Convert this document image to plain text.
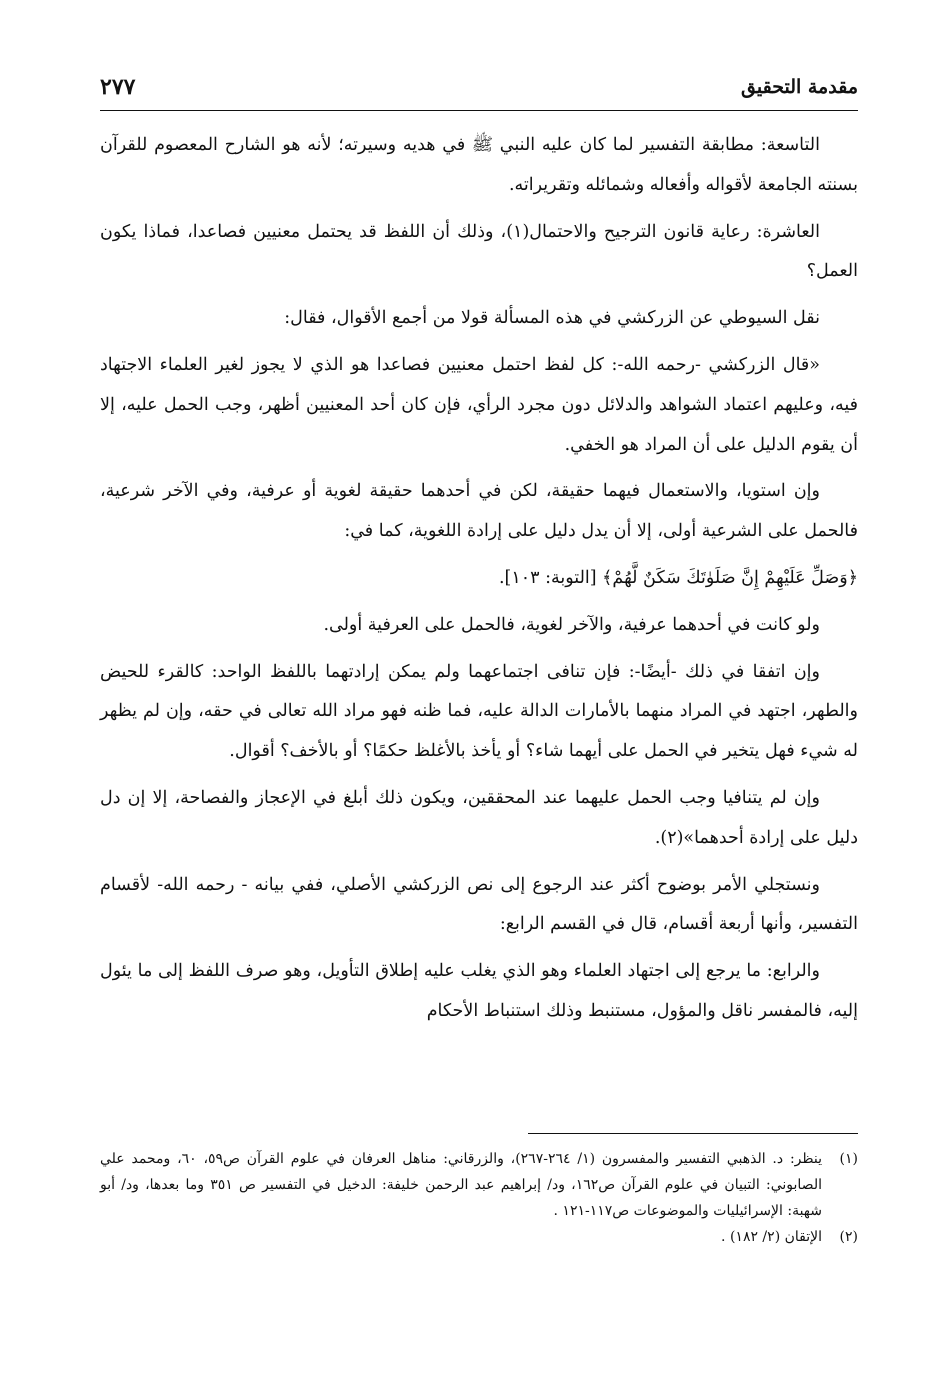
مقدمة التحقيق
٢٧٧

التاسعة: مطابقة التفسير لما كان عليه النبي ﷺ في هديه وسيرته؛ لأنه هو الشارح المعصوم للقرآن بسنته الجامعة لأقواله وأفعاله وشمائله وتقريراته.

العاشرة: رعاية قانون الترجيح والاحتمال(١)، وذلك أن اللفظ قد يحتمل معنيين فصاعدا، فماذا يكون العمل؟

نقل السيوطي عن الزركشي في هذه المسألة قولا من أجمع الأقوال، فقال:

«قال الزركشي -رحمه الله-: كل لفظ احتمل معنيين فصاعدا هو الذي لا يجوز لغير العلماء الاجتهاد فيه، وعليهم اعتماد الشواهد والدلائل دون مجرد الرأي، فإن كان أحد المعنيين أظهر، وجب الحمل عليه، إلا أن يقوم الدليل على أن المراد هو الخفي.

وإن استويا، والاستعمال فيهما حقيقة، لكن في أحدهما حقيقة لغوية أو عرفية، وفي الآخر شرعية، فالحمل على الشرعية أولى، إلا أن يدل دليل على إرادة اللغوية، كما في:

﴿وَصَلِّ عَلَيْهِمْ إِنَّ صَلَوٰتَكَ سَكَنٌ لَّهُمْ﴾ [التوبة: ١٠٣].

ولو كانت في أحدهما عرفية، والآخر لغوية، فالحمل على العرفية أولى.

وإن اتفقا في ذلك -أيضًا-: فإن تنافى اجتماعهما ولم يمكن إرادتهما باللفظ الواحد: كالقرء للحيض والطهر، اجتهد في المراد منهما بالأمارات الدالة عليه، فما ظنه فهو مراد الله تعالى في حقه، وإن لم يظهر له شيء فهل يتخير في الحمل على أيهما شاء؟ أو يأخذ بالأغلظ حكمًا؟ أو بالأخف؟ أقوال.

وإن لم يتنافيا وجب الحمل عليهما عند المحققين، ويكون ذلك أبلغ في الإعجاز والفصاحة، إلا إن دل دليل على إرادة أحدهما»(٢).

ونستجلي الأمر بوضوح أكثر عند الرجوع إلى نص الزركشي الأصلي، ففي بيانه - رحمه الله- لأقسام التفسير، وأنها أربعة أقسام، قال في القسم الرابع:

والرابع: ما يرجع إلى اجتهاد العلماء وهو الذي يغلب عليه إطلاق التأويل، وهو صرف اللفظ إلى ما يئول إليه، فالمفسر ناقل والمؤول، مستنبط وذلك استنباط الأحكام

(١)

ينظر: د. الذهبي التفسير والمفسرون (١/ ٢٦٤-٢٦٧)، والزرقاني: مناهل العرفان في علوم القرآن ص٥٩، ٦٠، ومحمد علي الصابوني: التبيان في علوم القرآن ص١٦٢، ود/ إبراهيم عبد الرحمن خليفة: الدخيل في التفسير ص ٣٥١ وما بعدها، ود/ أبو شهبة: الإسرائيليات والموضوعات ص١١٧-١٢١ .

(٢)

الإتقان (٢/ ١٨٢) .
